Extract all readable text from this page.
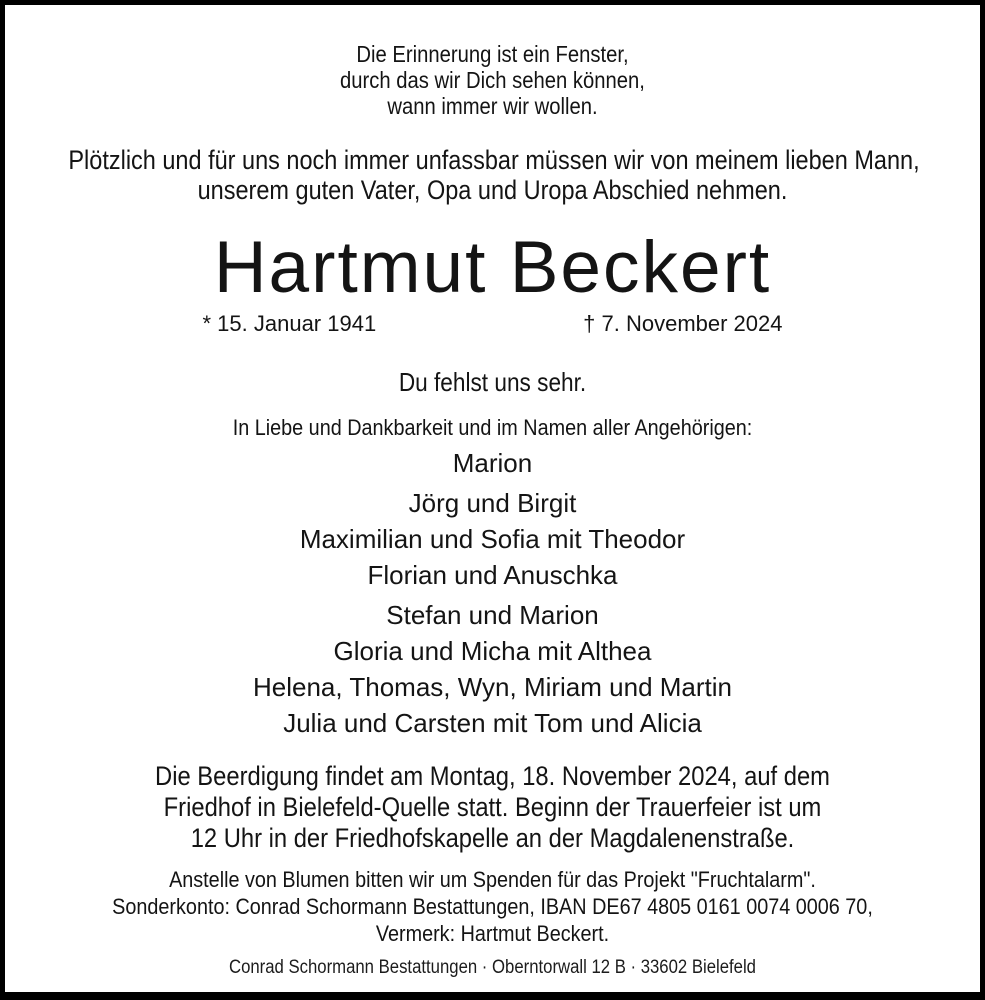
Die Erinnerung ist ein Fenster,
durch das wir Dich sehen können,
wann immer wir wollen.
Plötzlich und für uns noch immer unfassbar müssen wir von meinem lieben Mann,
unserem guten Vater, Opa und Uropa Abschied nehmen.
Hartmut Beckert
* 15. Januar 1941	† 7. November 2024
Du fehlst uns sehr.
In Liebe und Dankbarkeit und im Namen aller Angehörigen:
Marion
Jörg und Birgit
Maximilian und Sofia mit Theodor
Florian und Anuschka
Stefan und Marion
Gloria und Micha mit Althea
Helena, Thomas, Wyn, Miriam und Martin
Julia und Carsten mit Tom und Alicia
Die Beerdigung findet am Montag, 18. November 2024, auf dem
Friedhof in Bielefeld-Quelle statt. Beginn der Trauerfeier ist um
12 Uhr in der Friedhofskapelle an der Magdalenenstraße.
Anstelle von Blumen bitten wir um Spenden für das Projekt "Fruchtalarm".
Sonderkonto: Conrad Schormann Bestattungen, IBAN DE67 4805 0161 0074 0006 70,
Vermerk: Hartmut Beckert.
Conrad Schormann Bestattungen · Oberntorwall 12 B · 33602 Bielefeld
